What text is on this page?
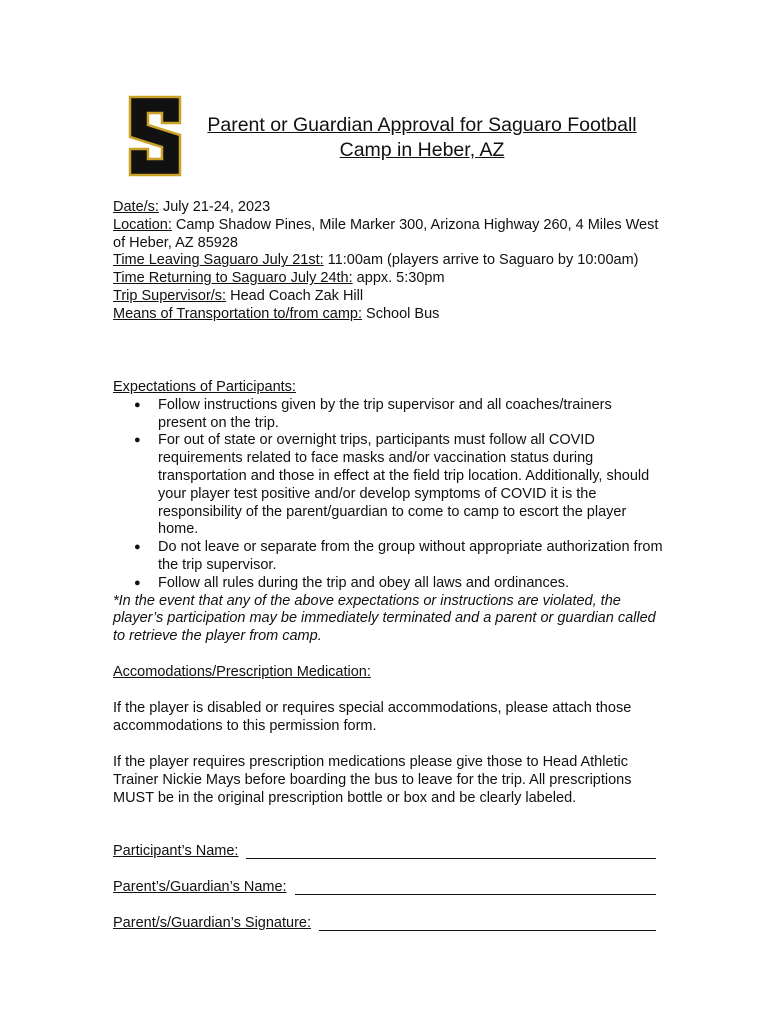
Parent or Guardian Approval for Saguaro Football Camp in Heber, AZ

Date/s: July 21-24, 2023

Location: Camp Shadow Pines, Mile Marker 300, Arizona Highway 260, 4 Miles West of Heber, AZ 85928

Time Leaving Saguaro July 21st: 11:00am (players arrive to Saguaro by 10:00am)

Time Returning to Saguaro July 24th: appx. 5:30pm

Trip Supervisor/s: Head Coach Zak Hill

Means of Transportation to/from camp: School Bus

Expectations of Participants:
● Follow instructions given by the trip supervisor and all coaches/trainers present on the trip.
● For out of state or overnight trips, participants must follow all COVID requirements related to face masks and/or vaccination status during transportation and those in effect at the field trip location. Additionally, should your player test positive and/or develop symptoms of COVID it is the responsibility of the parent/guardian to come to camp to escort the player home.
● Do not leave or separate from the group without appropriate authorization from the trip supervisor.
● Follow all rules during the trip and obey all laws and ordinances.
*In the event that any of the above expectations or instructions are violated, the player’s participation may be immediately terminated and a parent or guardian called to retrieve the player from camp.
Accomodations/Prescription Medication:
If the player is disabled or requires special accommodations, please attach those accommodations to this permission form.
If the player requires prescription medications please give those to Head Athletic Trainer Nickie Mays before boarding the bus to leave for the trip. All prescriptions MUST be in the original prescription bottle or box and be clearly labeled.
Participant’s Name:
Parent’s/Guardian’s Name:
Parent/s/Guardian’s Signature:
